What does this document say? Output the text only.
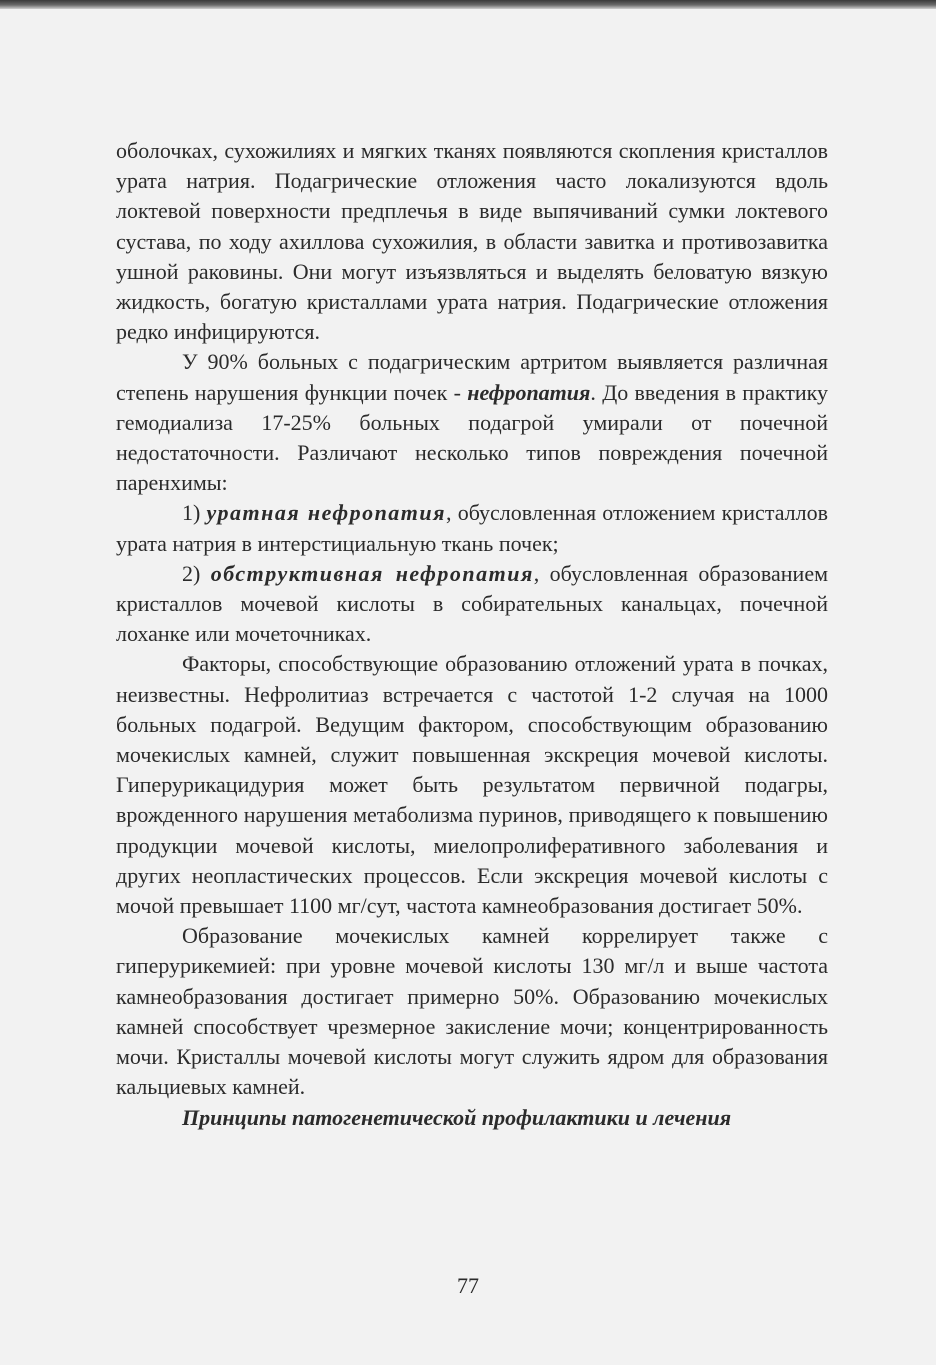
оболочках, сухожилиях и мягких тканях появляются скопления кристаллов урата натрия. Подагрические отложения часто локализуются вдоль локтевой поверхности предплечья в виде выпячиваний сумки локтевого сустава, по ходу ахиллова сухожилия, в области завитка и противозавитка ушной раковины. Они могут изъязвляться и выделять беловатую вязкую жидкость, богатую кристаллами урата натрия. Подагрические отложения редко инфицируются.

У 90% больных с подагрическим артритом выявляется различная степень нарушения функции почек - нефропатия. До введения в практику гемодиализа 17-25% больных подагрой умирали от почечной недостаточности. Различают несколько типов повреждения почечной паренхимы:

1) уратная нефропатия, обусловленная отложением кристаллов урата натрия в интерстициальную ткань почек;

2) обструктивная нефропатия, обусловленная образованием кристаллов мочевой кислоты в собирательных канальцах, почечной лоханке или мочеточниках.

Факторы, способствующие образованию отложений урата в почках, неизвестны. Нефролитиаз встречается с частотой 1-2 случая на 1000 больных подагрой. Ведущим фактором, способствующим образованию мочекислых камней, служит повышенная экскреция мочевой кислоты. Гиперурикацидурия может быть результатом первичной подагры, врожденного нарушения метаболизма пуринов, приводящего к повышению продукции мочевой кислоты, миелопролиферативного заболевания и других неопластических процессов. Если экскреция мочевой кислоты с мочой превышает 1100 мг/сут, частота камнеобразования достигает 50%.

Образование мочекислых камней коррелирует также с гиперурикемией: при уровне мочевой кислоты 130 мг/л и выше частота камнеобразования достигает примерно 50%. Образованию мочекислых камней способствует чрезмерное закисление мочи; концентрированность мочи. Кристаллы мочевой кислоты могут служить ядром для образования кальциевых камней.

Принципы патогенетической профилактики и лечения

77
